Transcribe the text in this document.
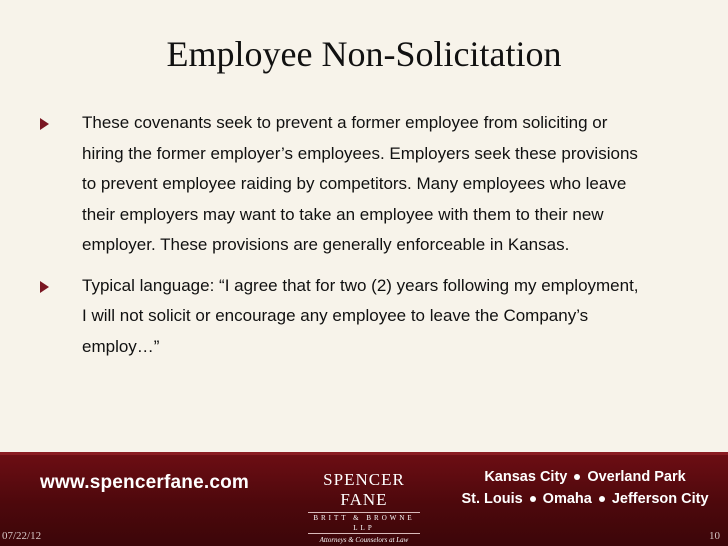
Employee Non-Solicitation
These covenants seek to prevent a former employee from soliciting or
hiring the former employer’s employees. Employers seek these provisions
to prevent employee raiding by competitors. Many employees who leave
their employers may want to take an employee with them to their new
employer. These provisions are generally enforceable in Kansas.
Typical language: “I agree that for two (2) years following my employment,
I will not solicit or encourage any employee to leave the Company’s
employ…”
www.spencerfane.com	SPENCER FANE
BRITT & BROWNE LLP
Attorneys & Counselors at Law
Kansas City Overland Park
St. Louis Omaha Jefferson City
07/22/12	10
